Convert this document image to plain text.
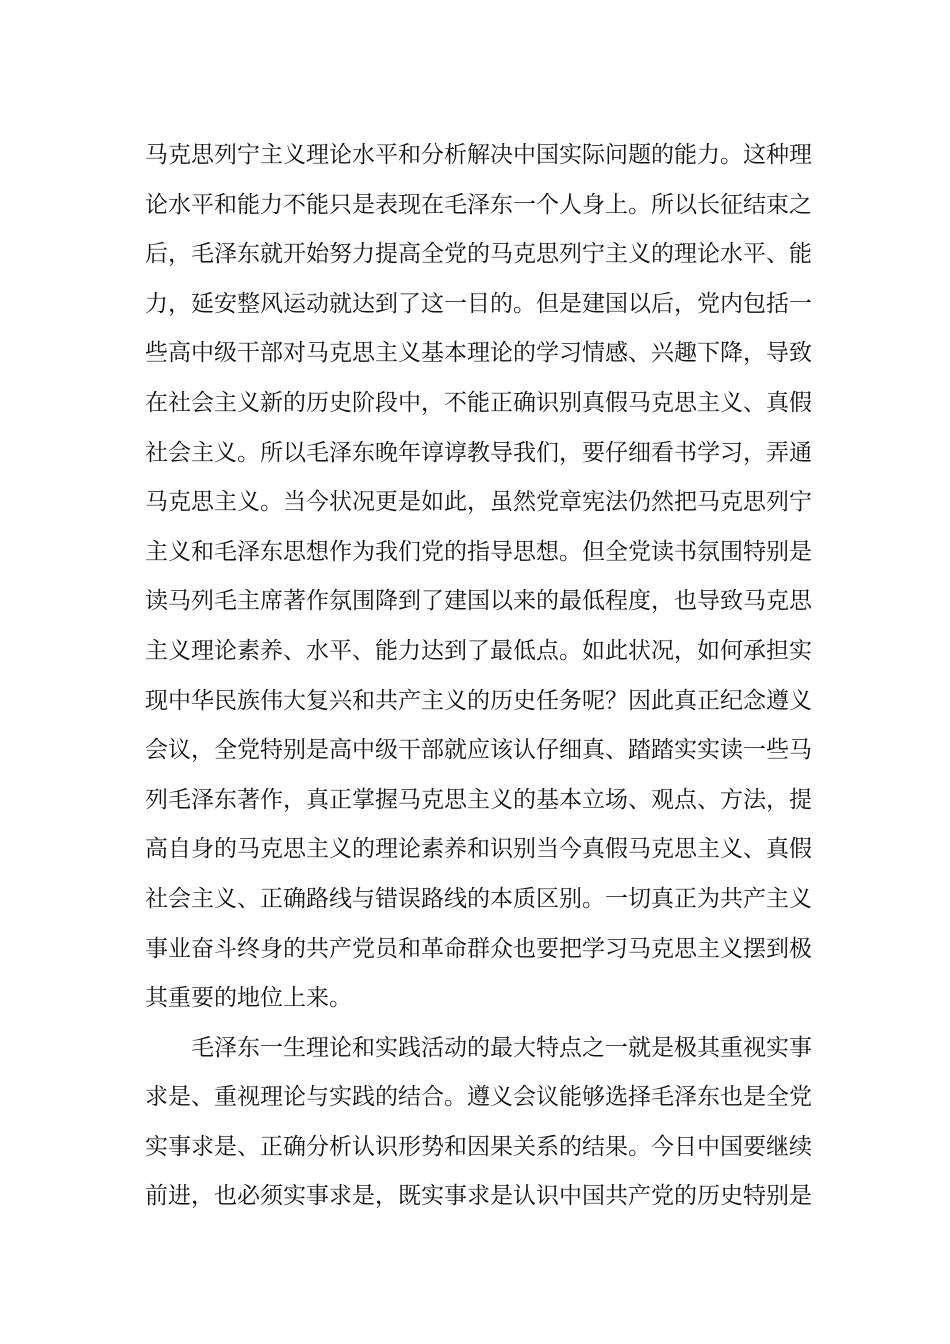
马克思列宁主义理论水平和分析解决中国实际问题的能力。这种理
论水平和能力不能只是表现在毛泽东一个人身上。所以长征结束之
后，毛泽东就开始努力提高全党的马克思列宁主义的理论水平、能
力，延安整风运动就达到了这一目的。但是建国以后，党内包括一
些高中级干部对马克思主义基本理论的学习情感、兴趣下降，导致
在社会主义新的历史阶段中，不能正确识别真假马克思主义、真假
社会主义。所以毛泽东晚年谆谆教导我们，要仔细看书学习，弄通
马克思主义。当今状况更是如此，虽然党章宪法仍然把马克思列宁
主义和毛泽东思想作为我们党的指导思想。但全党读书氛围特别是
读马列毛主席著作氛围降到了建国以来的最低程度，也导致马克思
主义理论素养、水平、能力达到了最低点。如此状况，如何承担实
现中华民族伟大复兴和共产主义的历史任务呢？因此真正纪念遵义
会议，全党特别是高中级干部就应该认仔细真、踏踏实实读一些马
列毛泽东著作，真正掌握马克思主义的基本立场、观点、方法，提
高自身的马克思主义的理论素养和识别当今真假马克思主义、真假
社会主义、正确路线与错误路线的本质区别。一切真正为共产主义
事业奋斗终身的共产党员和革命群众也要把学习马克思主义摆到极
其重要的地位上来。
毛泽东一生理论和实践活动的最大特点之一就是极其重视实事
求是、重视理论与实践的结合。遵义会议能够选择毛泽东也是全党
实事求是、正确分析认识形势和因果关系的结果。今日中国要继续
前进，也必须实事求是，既实事求是认识中国共产党的历史特别是
